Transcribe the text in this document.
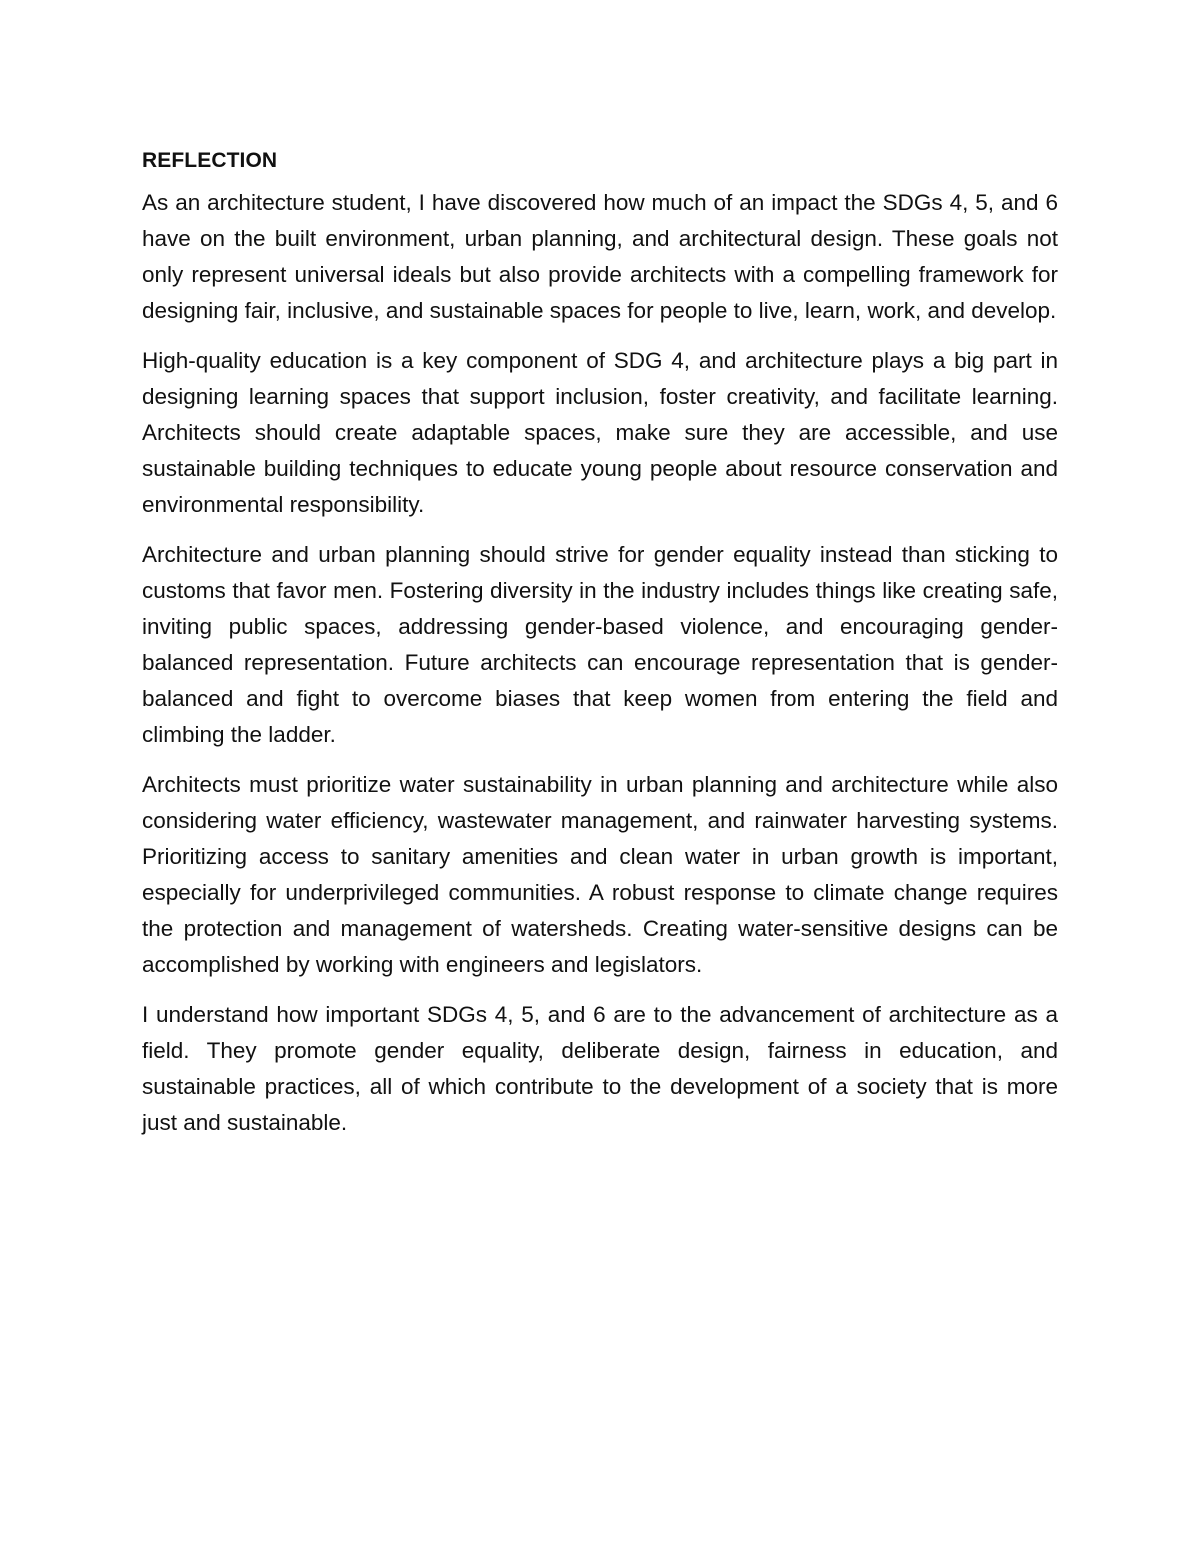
REFLECTION

As an architecture student, I have discovered how much of an impact the SDGs 4, 5, and 6 have on the built environment, urban planning, and architectural design. These goals not only represent universal ideals but also provide architects with a compelling framework for designing fair, inclusive, and sustainable spaces for people to live, learn, work, and develop.

High-quality education is a key component of SDG 4, and architecture plays a big part in designing learning spaces that support inclusion, foster creativity, and facilitate learning. Architects should create adaptable spaces, make sure they are accessible, and use sustainable building techniques to educate young people about resource conservation and environmental responsibility.

Architecture and urban planning should strive for gender equality instead than sticking to customs that favor men. Fostering diversity in the industry includes things like creating safe, inviting public spaces, addressing gender-based violence, and encouraging gender-balanced representation. Future architects can encourage representation that is gender-balanced and fight to overcome biases that keep women from entering the field and climbing the ladder.

Architects must prioritize water sustainability in urban planning and architecture while also considering water efficiency, wastewater management, and rainwater harvesting systems. Prioritizing access to sanitary amenities and clean water in urban growth is important, especially for underprivileged communities. A robust response to climate change requires the protection and management of watersheds. Creating water-sensitive designs can be accomplished by working with engineers and legislators.

I understand how important SDGs 4, 5, and 6 are to the advancement of architecture as a field. They promote gender equality, deliberate design, fairness in education, and sustainable practices, all of which contribute to the development of a society that is more just and sustainable.
